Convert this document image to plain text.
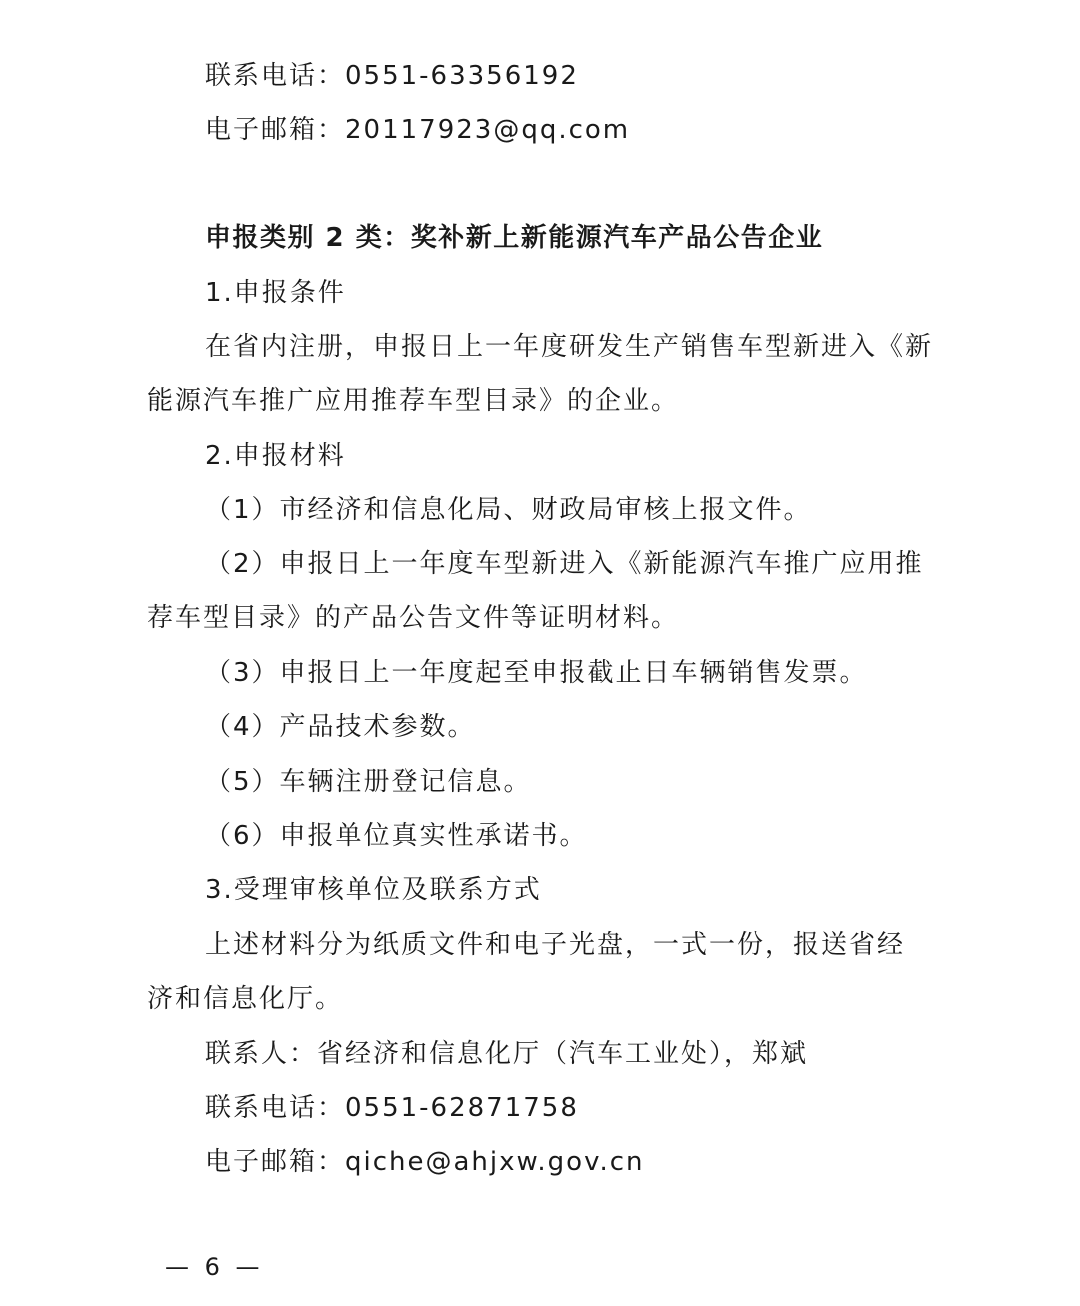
联系电话：0551-63356192
电子邮箱：20117923@qq.com
申报类别 2 类：奖补新上新能源汽车产品公告企业
1.申报条件
在省内注册，申报日上一年度研发生产销售车型新进入《新
能源汽车推广应用推荐车型目录》的企业。
2.申报材料
（1）市经济和信息化局、财政局审核上报文件。
（2）申报日上一年度车型新进入《新能源汽车推广应用推
荐车型目录》的产品公告文件等证明材料。
（3）申报日上一年度起至申报截止日车辆销售发票。
（4）产品技术参数。
（5）车辆注册登记信息。
（6）申报单位真实性承诺书。
3.受理审核单位及联系方式
上述材料分为纸质文件和电子光盘，一式一份，报送省经
济和信息化厅。
联系人：省经济和信息化厅（汽车工业处），郑斌
联系电话：0551-62871758
电子邮箱：qiche@ahjxw.gov.cn
— 6 —
